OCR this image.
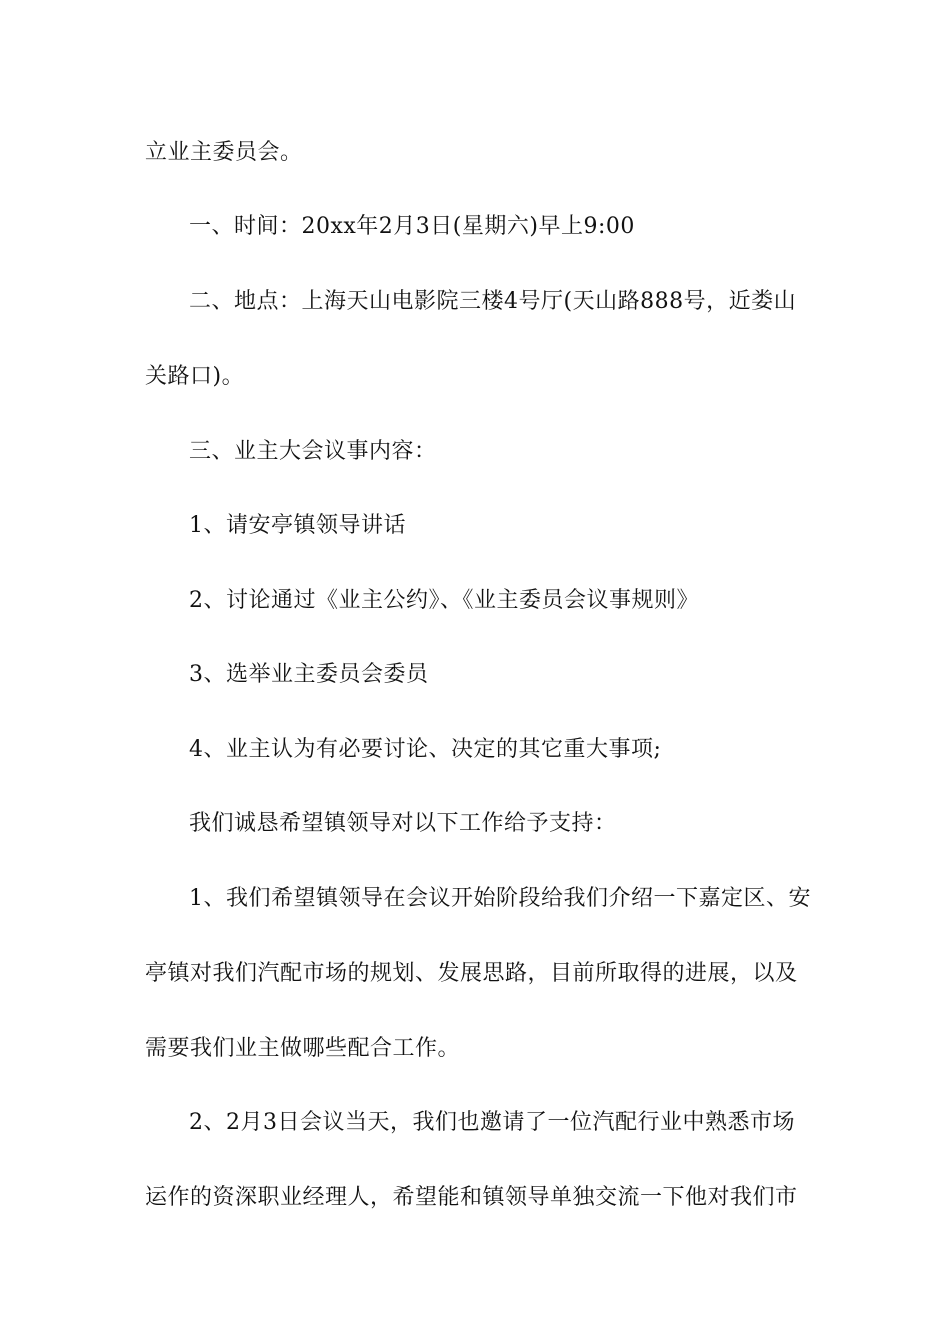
立业主委员会。
一、时间：20xx年2月3日(星期六)早上9:00
二、地点：上海天山电影院三楼4号厅(天山路888号，近娄山
关路口)。
三、业主大会议事内容：
1、请安亭镇领导讲话
2、讨论通过《业主公约》、《业主委员会议事规则》
3、选举业主委员会委员
4、业主认为有必要讨论、决定的其它重大事项;
我们诚恳希望镇领导对以下工作给予支持：
1、我们希望镇领导在会议开始阶段给我们介绍一下嘉定区、安
亭镇对我们汽配市场的规划、发展思路，目前所取得的进展，以及
需要我们业主做哪些配合工作。
2、2月3日会议当天，我们也邀请了一位汽配行业中熟悉市场
运作的资深职业经理人，希望能和镇领导单独交流一下他对我们市
